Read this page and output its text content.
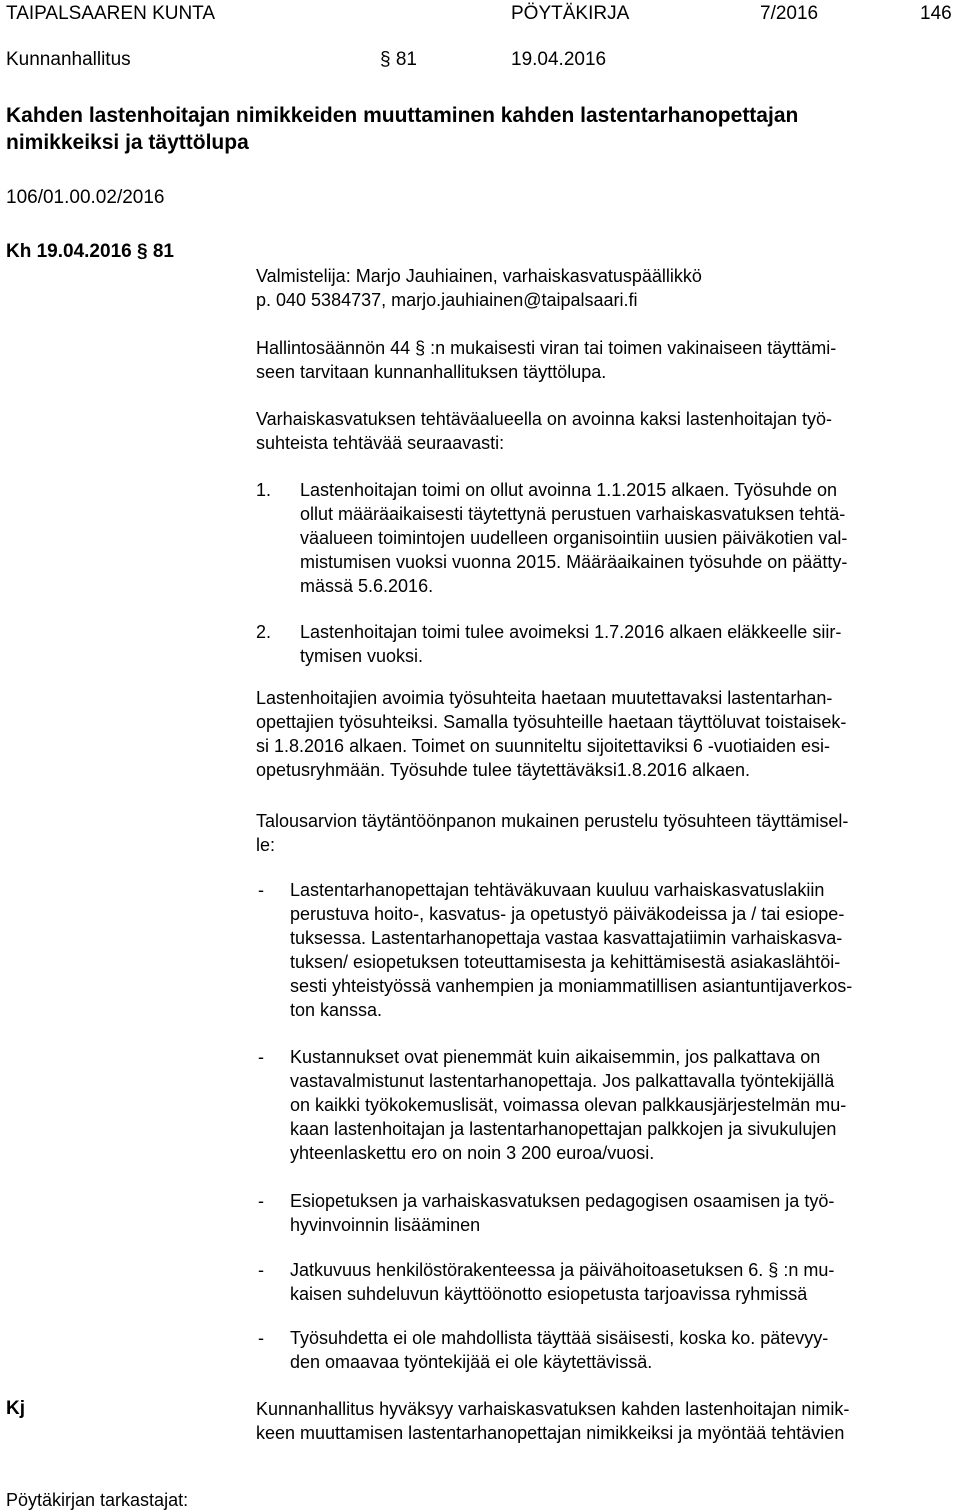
TAIPALSAAREN KUNTA	PÖYTÄKIRJA	7/2016	146
Kunnanhallitus	§ 81	19.04.2016
Kahden lastenhoitajan nimikkeiden muuttaminen kahden lastentarhanopettajan
nimikkeiksi ja täyttölupa
106/01.00.02/2016
Kh 19.04.2016 § 81
Valmistelija: Marjo Jauhiainen, varhaiskasvatuspäällikkö
p. 040 5384737, marjo.jauhiainen@taipalsaari.fi
Hallintosäännön 44 § :n mukaisesti viran tai toimen vakinaiseen täyttämi-
seen tarvitaan kunnanhallituksen täyttölupa.
Varhaiskasvatuksen tehtäväalueella on avoinna kaksi lastenhoitajan työ-
suhteista tehtävää seuraavasti:
1. Lastenhoitajan toimi on ollut avoinna 1.1.2015 alkaen. Työsuhde on
ollut määräaikaisesti täytettynä perustuen varhaiskasvatuksen tehtä-
väalueen toimintojen uudelleen organisointiin uusien päiväkotien val-
mistumisen vuoksi vuonna 2015. Määräaikainen työsuhde on päätty-
mässä 5.6.2016.
2. Lastenhoitajan toimi tulee avoimeksi 1.7.2016 alkaen eläkkeelle siir-
tymisen vuoksi.
Lastenhoitajien avoimia työsuhteita haetaan muutettavaksi lastentarhan-
opettajien työsuhteiksi. Samalla työsuhteille haetaan täyttöluvat toistaisek-
si 1.8.2016 alkaen. Toimet on suunniteltu sijoitettaviksi 6 -vuotiaiden esi-
opetusryhmään. Työsuhde tulee täytettäväksi1.8.2016 alkaen.
Talousarvion täytäntöönpanon mukainen perustelu työsuhteen täyttämisel-
le:
- Lastentarhanopettajan tehtäväkuvaan kuuluu varhaiskasvatuslakiin
perustuva hoito-, kasvatus- ja opetustyö päiväkodeissa ja / tai esiope-
tuksessa. Lastentarhanopettaja vastaa kasvattajatiimin varhaiskasva-
tuksen/ esiopetuksen toteuttamisesta ja kehittämisestä asiakaslähtöi-
sesti yhteistyössä vanhempien ja moniammatillisen asiantuntijaverkos-
ton kanssa.
- Kustannukset ovat pienemmät kuin aikaisemmin, jos palkattava on
vastavalmistunut lastentarhanopettaja. Jos palkattavalla työntekijällä
on kaikki työkokemuslisät, voimassa olevan palkkausjärjestelmän mu-
kaan lastenhoitajan ja lastentarhanopettajan palkkojen ja sivukulujen
yhteenlaskettu ero on noin 3 200 euroa/vuosi.
- Esiopetuksen ja varhaiskasvatuksen pedagogisen osaamisen ja työ-
hyvinvoinnin lisääminen
- Jatkuvuus henkilöstörakenteessa ja päivähoitoasetuksen 6. § :n mu-
kaisen suhdeluvun käyttöönotto esiopetusta tarjoavissa ryhmissä
- Työsuhdetta ei ole mahdollista täyttää sisäisesti, koska ko. pätevyy-
den omaavaa työntekijää ei ole käytettävissä.
Kj	Kunnanhallitus hyväksyy varhaiskasvatuksen kahden lastenhoitajan nimik-
keen muuttamisen lastentarhanopettajan nimikkeiksi ja myöntää tehtävien
Pöytäkirjan tarkastajat:
